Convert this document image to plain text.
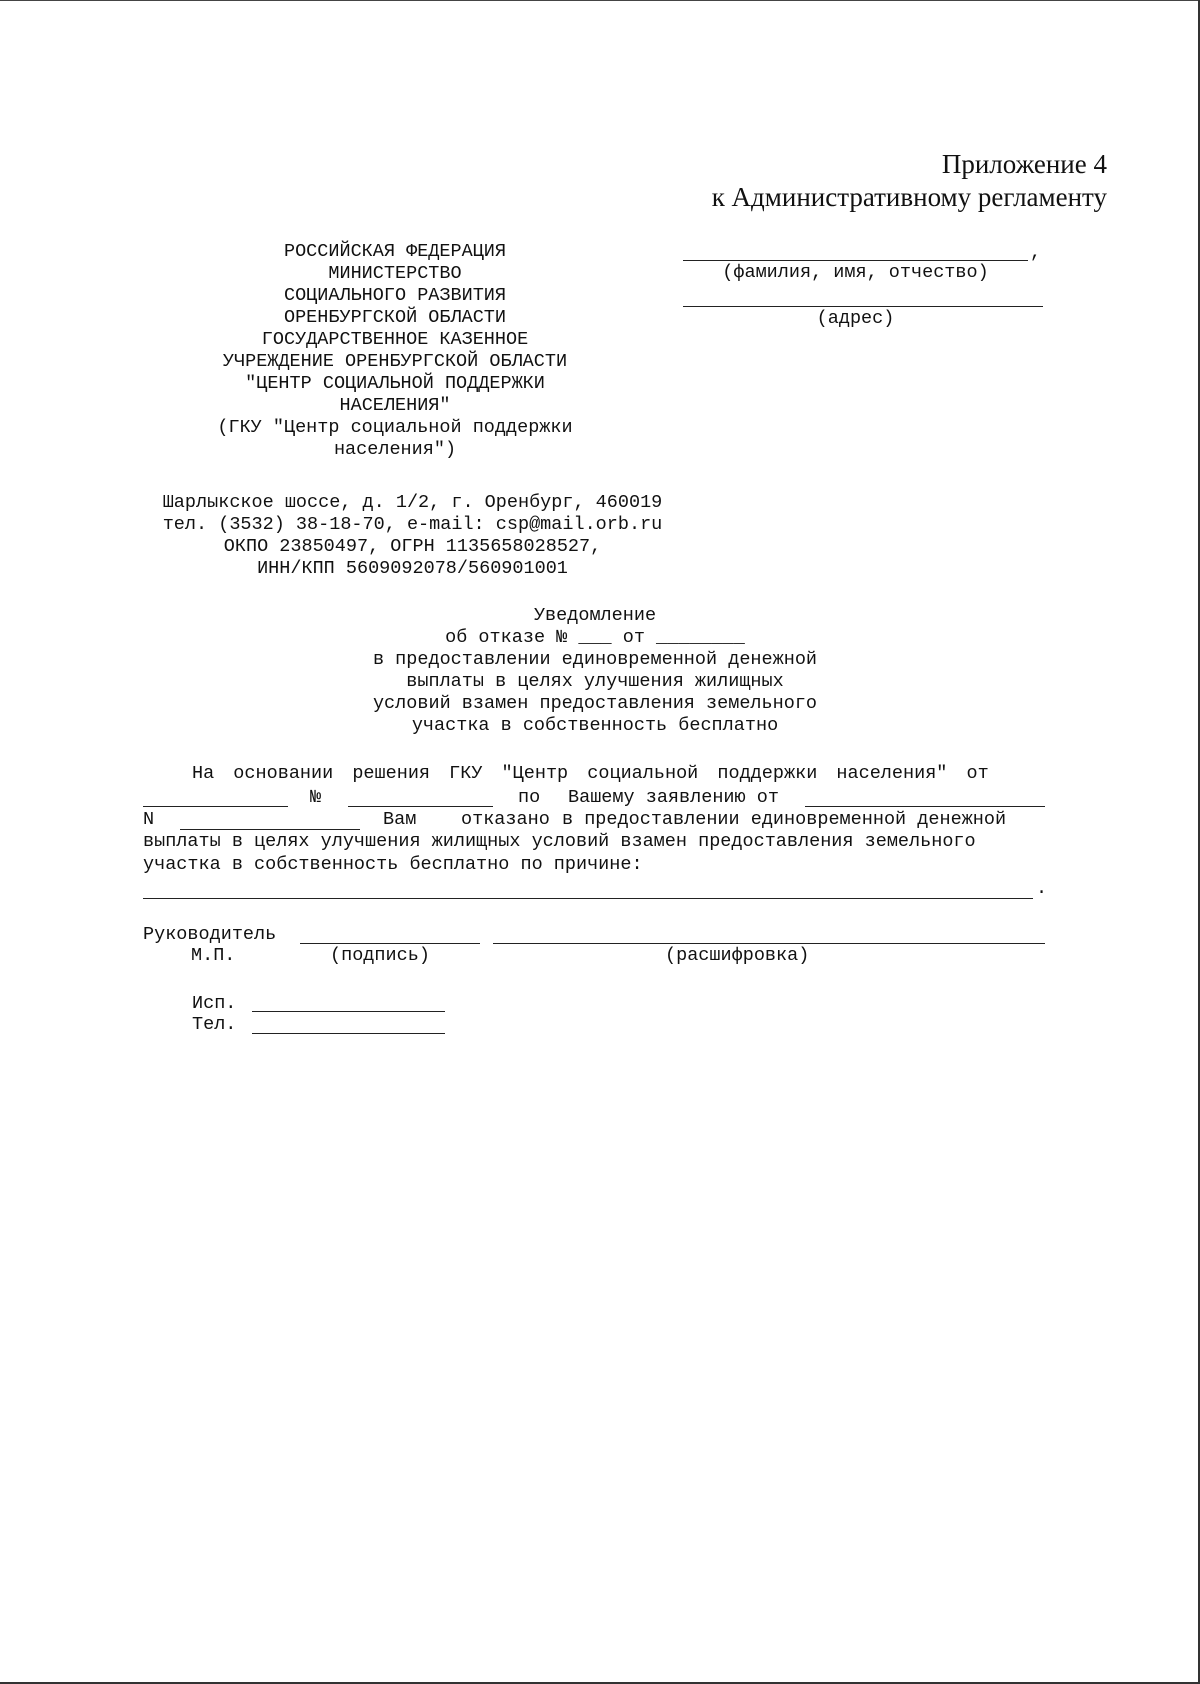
Приложение 4
к Административному регламенту
РОССИЙСКАЯ ФЕДЕРАЦИЯ
МИНИСТЕРСТВО
СОЦИАЛЬНОГО РАЗВИТИЯ
ОРЕНБУРГСКОЙ ОБЛАСТИ
ГОСУДАРСТВЕННОЕ КАЗЕННОЕ
УЧРЕЖДЕНИЕ ОРЕНБУРГСКОЙ ОБЛАСТИ
"ЦЕНТР СОЦИАЛЬНОЙ ПОДДЕРЖКИ
НАСЕЛЕНИЯ"
(ГКУ "Центр социальной поддержки
населения")
Шарлыкское шоссе, д. 1/2, г. Оренбург, 460019
тел. (3532) 38-18-70, e-mail: csp@mail.orb.ru
ОКПО 23850497, ОГРН 1135658028527,
ИНН/КПП 5609092078/560901001
,
(фамилия, имя, отчество)
(адрес)
Уведомление
об отказе № ___ от ________
в предоставлении единовременной денежной
выплаты в целях улучшения жилищных
условий взамен предоставления земельного
участка в собственность бесплатно
На основании решения ГКУ "Центр социальной поддержки населения" от
№	по Вашему заявлению от
N	Вам отказано в предоставлении единовременной денежной
выплаты в целях улучшения жилищных условий взамен предоставления земельного
участка в собственность бесплатно по причине:
.
Руководитель
М.П.	(подпись)	(расшифровка)
Исп.
Тел.
